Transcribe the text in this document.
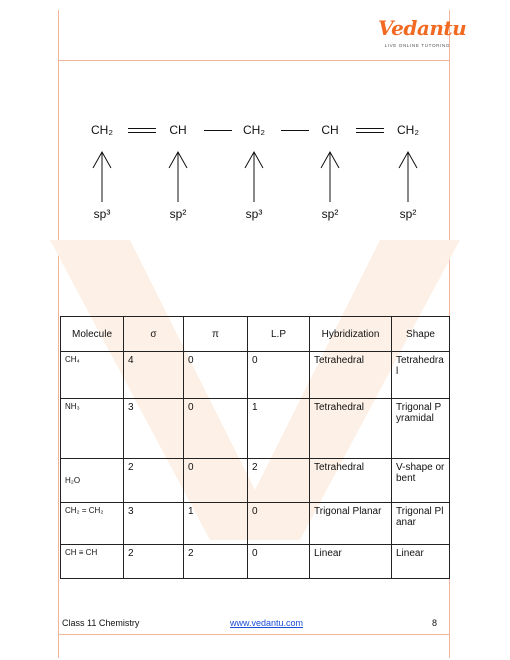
Vedantu
LIVE ONLINE TUTORING
CH₂	CH	CH₂	CH	CH₂
sp³	sp²	sp³	sp²	sp²
Molecule	σ	π	L.P	Hybridization	Shape
CH₄	4	0	0	Tetrahedral	Tetrahedral
NH₃	3	0	1	Tetrahedral	Trigonal Pyramidal
H₂O	2	0	2	Tetrahedral	V-shape orbent
CH₂ = CH₂	3	1	0	Trigonal Planar	Trigonal Planar
CH ≡ CH	2	2	0	Linear	Linear
Class 11 Chemistry	www.vedantu.com	8
